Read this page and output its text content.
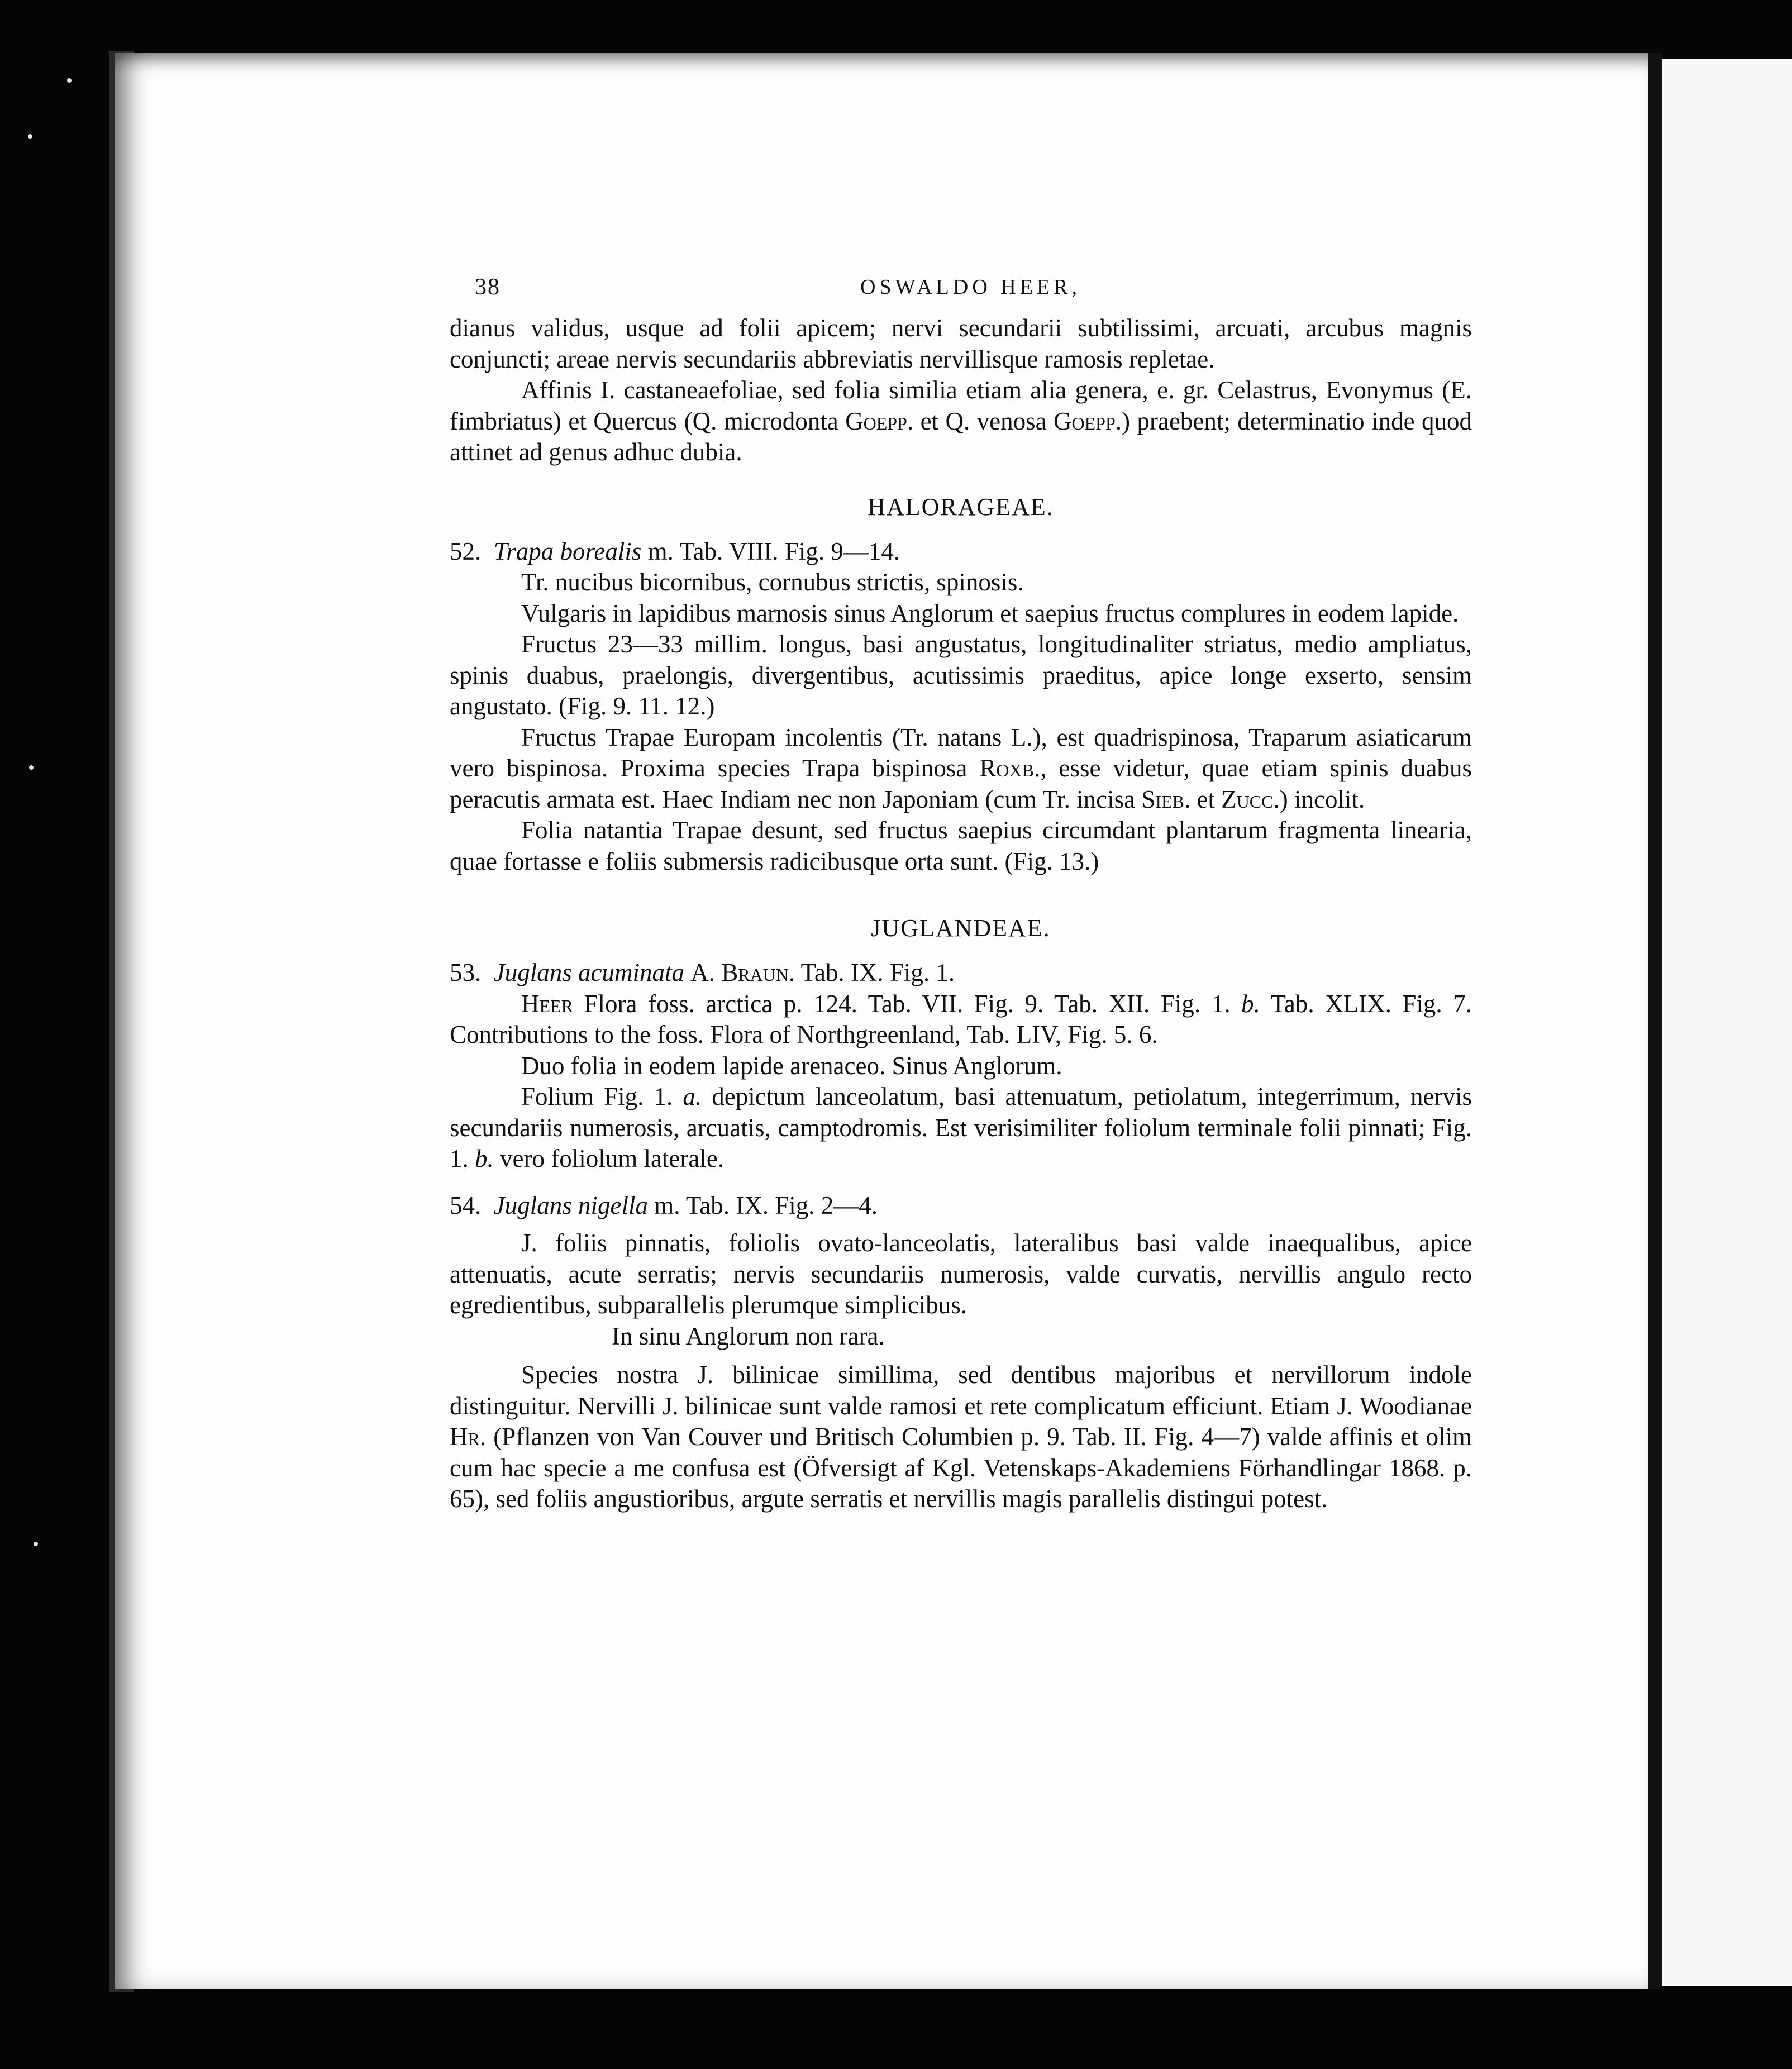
38	OSWALDO HEER,

dianus validus, usque ad folii apicem; nervi secundarii subtilissimi, arcuati, arcubus magnis conjuncti; areae nervis secundariis abbreviatis nervillisque ramosis repletae.

Affinis I. castaneaefoliae, sed folia similia etiam alia genera, e. gr. Celastrus, Evonymus (E. fimbriatus) et Quercus (Q. microdonta Goepp. et Q. venosa Goepp.) praebent; determinatio inde quod attinet ad genus adhuc dubia.

HALORAGEAE.

52. Trapa borealis m. Tab. VIII. Fig. 9—14.

Tr. nucibus bicornibus, cornubus strictis, spinosis.

Vulgaris in lapidibus marnosis sinus Anglorum et saepius fructus complures in eodem lapide.

Fructus 23—33 millim. longus, basi angustatus, longitudinaliter striatus, medio ampliatus, spinis duabus, praelongis, divergentibus, acutissimis praeditus, apice longe exserto, sensim angustato. (Fig. 9. 11. 12.)

Fructus Trapae Europam incolentis (Tr. natans L.), est quadrispinosa, Traparum asiaticarum vero bispinosa. Proxima species Trapa bispinosa Roxb., esse videtur, quae etiam spinis duabus peracutis armata est. Haec Indiam nec non Japoniam (cum Tr. incisa Sieb. et Zucc.) incolit.

Folia natantia Trapae desunt, sed fructus saepius circumdant plantarum fragmenta linearia, quae fortasse e foliis submersis radicibusque orta sunt. (Fig. 13.)

JUGLANDEAE.

53. Juglans acuminata A. Braun. Tab. IX. Fig. 1.

Heer Flora foss. arctica p. 124. Tab. VII. Fig. 9. Tab. XII. Fig. 1. b. Tab. XLIX. Fig. 7. Contributions to the foss. Flora of Northgreenland, Tab. LIV, Fig. 5. 6.

Duo folia in eodem lapide arenaceo. Sinus Anglorum.

Folium Fig. 1. a. depictum lanceolatum, basi attenuatum, petiolatum, integerrimum, nervis secundariis numerosis, arcuatis, camptodromis. Est verisimiliter foliolum terminale folii pinnati; Fig. 1. b. vero foliolum laterale.

54. Juglans nigella m. Tab. IX. Fig. 2—4.

J. foliis pinnatis, foliolis ovato-lanceolatis, lateralibus basi valde inaequalibus, apice attenuatis, acute serratis; nervis secundariis numerosis, valde curvatis, nervillis angulo recto egredientibus, subparallelis plerumque simplicibus.

In sinu Anglorum non rara.

Species nostra J. bilinicae simillima, sed dentibus majoribus et nervillorum indole distinguitur. Nervilli J. bilinicae sunt valde ramosi et rete complicatum efficiunt. Etiam J. Woodianae Hr. (Pflanzen von Van Couver und Britisch Columbien p. 9. Tab. II. Fig. 4—7) valde affinis et olim cum hac specie a me confusa est (Öfversigt af Kgl. Vetenskaps-Akademiens Förhandlingar 1868. p. 65), sed foliis angustioribus, argute serratis et nervillis magis parallelis distingui potest.
